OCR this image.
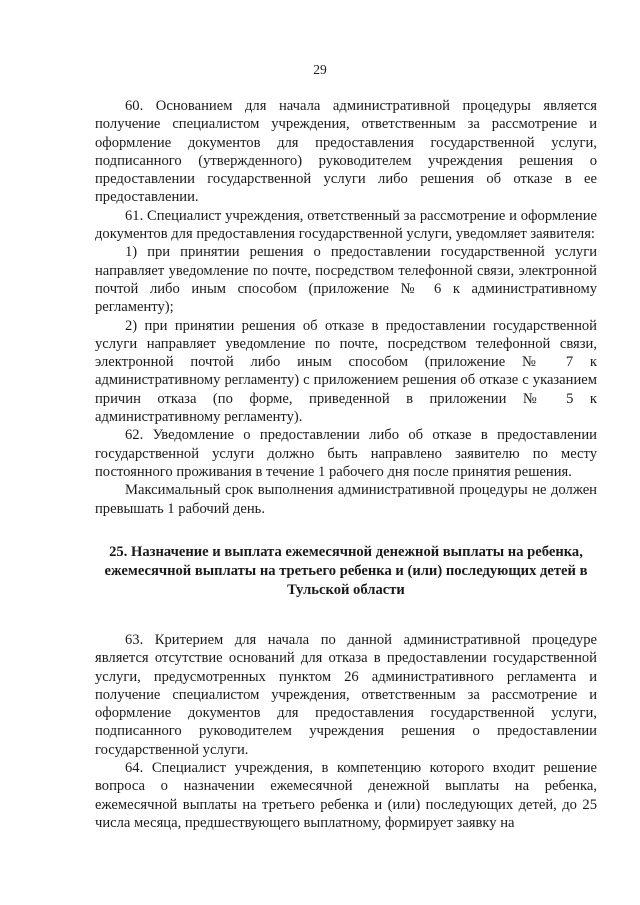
29

60. Основанием для начала административной процедуры является получение специалистом учреждения, ответственным за рассмотрение и оформление документов для предоставления государственной услуги, подписанного (утвержденного) руководителем учреждения решения о предоставлении государственной услуги либо решения об отказе в ее предоставлении.

61. Специалист учреждения, ответственный за рассмотрение и оформление документов для предоставления государственной услуги, уведомляет заявителя:

1) при принятии решения о предоставлении государственной услуги направляет уведомление по почте, посредством телефонной связи, электронной почтой либо иным способом (приложение № 6 к административному регламенту);

2) при принятии решения об отказе в предоставлении государственной услуги направляет уведомление по почте, посредством телефонной связи, электронной почтой либо иным способом (приложение № 7 к административному регламенту) с приложением решения об отказе с указанием причин отказа (по форме, приведенной в приложении № 5 к административному регламенту).

62. Уведомление о предоставлении либо об отказе в предоставлении государственной услуги должно быть направлено заявителю по месту постоянного проживания в течение 1 рабочего дня после принятия решения.

Максимальный срок выполнения административной процедуры не должен превышать 1 рабочий день.

25. Назначение и выплата ежемесячной денежной выплаты на ребенка, ежемесячной выплаты на третьего ребенка и (или) последующих детей в Тульской области

63. Критерием для начала по данной административной процедуре является отсутствие оснований для отказа в предоставлении государственной услуги, предусмотренных пунктом 26 административного регламента и получение специалистом учреждения, ответственным за рассмотрение и оформление документов для предоставления государственной услуги, подписанного руководителем учреждения решения о предоставлении государственной услуги.

64. Специалист учреждения, в компетенцию которого входит решение вопроса о назначении ежемесячной денежной выплаты на ребенка, ежемесячной выплаты на третьего ребенка и (или) последующих детей, до 25 числа месяца, предшествующего выплатному, формирует заявку на
